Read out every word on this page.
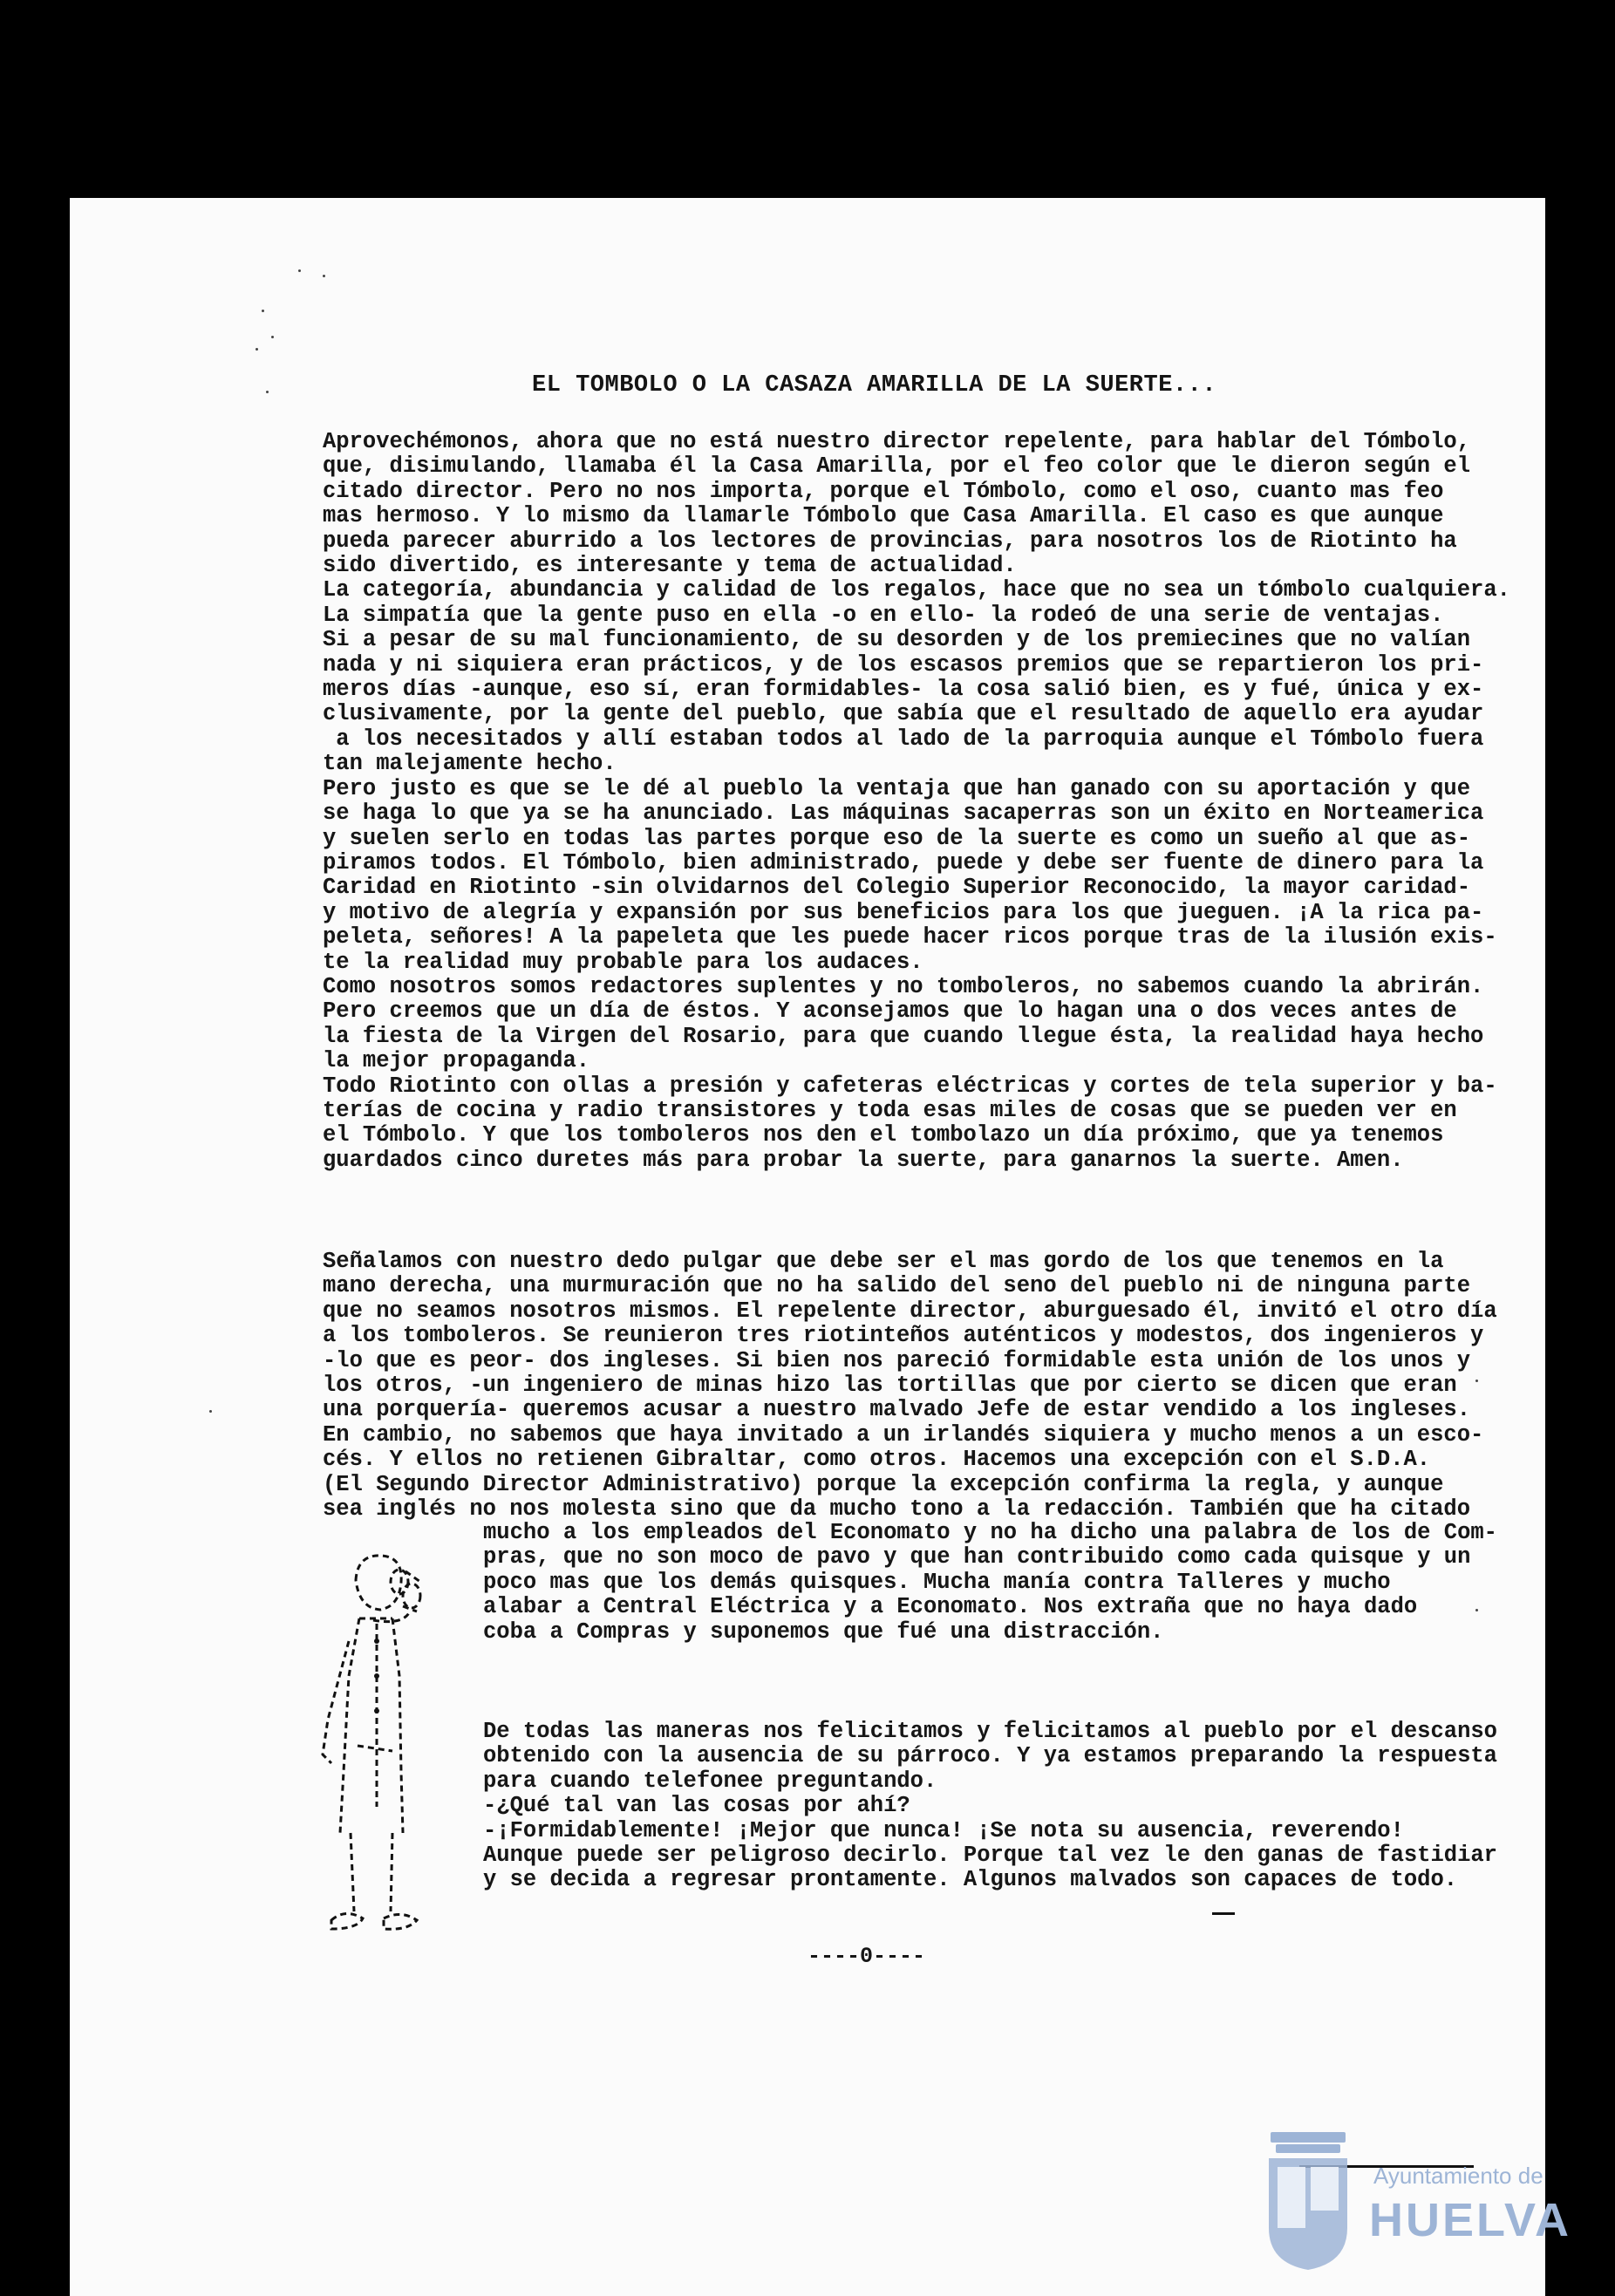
EL TOMBOLO O LA CASAZA AMARILLA DE LA SUERTE...

Aprovechémonos, ahora que no está nuestro director repelente, para hablar del Tómbolo,

que, disimulando, llamaba él la Casa Amarilla, por el feo color que le dieron según el

citado director. Pero no nos importa, porque el Tómbolo, como el oso, cuanto mas feo

mas hermoso. Y lo mismo da llamarle Tómbolo que Casa Amarilla. El caso es que aunque

pueda parecer aburrido a los lectores de provincias, para nosotros los de Riotinto ha

sido divertido, es interesante y tema de actualidad.

La categoría, abundancia y calidad de los regalos, hace que no sea un tómbolo cualquiera.

La simpatía que la gente puso en ella -o en ello- la rodeó de una serie de ventajas.

Si a pesar de su mal funcionamiento, de su desorden y de los premiecines que no valían

nada y ni siquiera eran prácticos, y de los escasos premios que se repartieron los pri-

meros días -aunque, eso sí, eran formidables- la cosa salió bien, es y fué, única y ex-

clusivamente, por la gente del pueblo, que sabía que el resultado de aquello era ayudar

a los necesitados y allí estaban todos al lado de la parroquia aunque el Tómbolo fuera

tan malejamente hecho.

Pero justo es que se le dé al pueblo la ventaja que han ganado con su aportación y que

se haga lo que ya se ha anunciado. Las máquinas sacaperras son un éxito en Norteamerica

y suelen serlo en todas las partes porque eso de la suerte es como un sueño al que as-

piramos todos. El Tómbolo, bien administrado, puede y debe ser fuente de dinero para la

Caridad en Riotinto -sin olvidarnos del Colegio Superior Reconocido, la mayor caridad-

y motivo de alegría y expansión por sus beneficios para los que jueguen. ¡A la rica pa-

peleta, señores! A la papeleta que les puede hacer ricos porque tras de la ilusión exis-

te la realidad muy probable para los audaces.

Como nosotros somos redactores suplentes y no tomboleros, no sabemos cuando la abrirán.

Pero creemos que un día de éstos. Y aconsejamos que lo hagan una o dos veces antes de

la fiesta de la Virgen del Rosario, para que cuando llegue ésta, la realidad haya hecho

la mejor propaganda.

Todo Riotinto con ollas a presión y cafeteras eléctricas y cortes de tela superior y ba-

terías de cocina y radio transistores y toda esas miles de cosas que se pueden ver en

el Tómbolo. Y que los tomboleros nos den el tombolazo un día próximo, que ya tenemos

guardados cinco duretes más para probar la suerte, para ganarnos la suerte. Amen.

Señalamos con nuestro dedo pulgar que debe ser el mas gordo de los que tenemos en la

mano derecha, una murmuración que no ha salido del seno del pueblo ni de ninguna parte

que no seamos nosotros mismos. El repelente director, aburguesado él, invitó el otro día

a los tomboleros. Se reunieron tres riotinteños auténticos y modestos, dos ingenieros y

-lo que es peor- dos ingleses. Si bien nos pareció formidable esta unión de los unos y

los otros, -un ingeniero de minas hizo las tortillas que por cierto se dicen que eran

una porquería- queremos acusar a nuestro malvado Jefe de estar vendido a los ingleses.

En cambio, no sabemos que haya invitado a un irlandés siquiera y mucho menos a un esco-

cés. Y ellos no retienen Gibraltar, como otros. Hacemos una excepción con el S.D.A.

(El Segundo Director Administrativo) porque la excepción confirma la regla, y aunque

sea inglés no nos molesta sino que da mucho tono a la redacción. También que ha citado

mucho a los empleados del Economato y no ha dicho una palabra de los de Com-

pras, que no son moco de pavo y que han contribuido como cada quisque y un

poco mas que los demás quisques. Mucha manía contra Talleres y mucho

alabar a Central Eléctrica y a Economato. Nos extraña que no haya dado

coba a Compras y suponemos que fué una distracción.

De todas las maneras nos felicitamos y felicitamos al pueblo por el descanso

obtenido con la ausencia de su párroco. Y ya estamos preparando la respuesta

para cuando telefonee preguntando.

-¿Qué tal van las cosas por ahí?

-¡Formidablemente! ¡Mejor que nunca! ¡Se nota su ausencia, reverendo!

Aunque puede ser peligroso decirlo. Porque tal vez le den ganas de fastidiar

y se decida a regresar prontamente. Algunos malvados son capaces de todo.

----0----
Ayuntamiento de
HUELVA
